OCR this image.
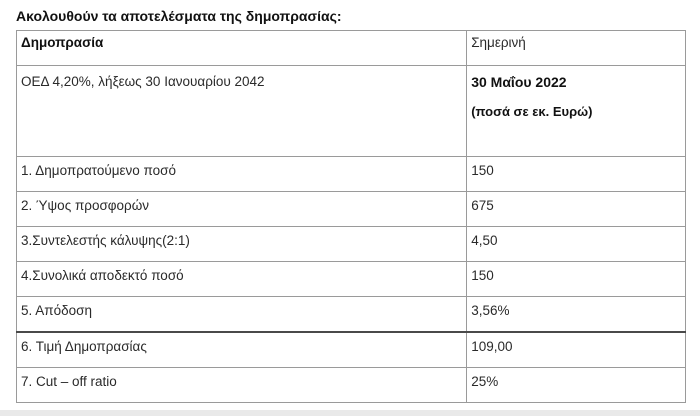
Ακολουθούν τα αποτελέσματα της δημοπρασίας:
Δημοπρασία	Σημερινή
ΟΕΔ 4,20%, λήξεως 30 Ιανουαρίου 2042	30 Μαΐου 2022
(ποσά σε εκ. Ευρώ)

1. Δημοπρατούμενο ποσό	150
2. Ύψος προσφορών	675
3.Συντελεστής κάλυψης(2:1)	4,50
4.Συνολικά αποδεκτό ποσό	150
5. Απόδοση	3,56%
6. Τιμή Δημοπρασίας	109,00
7. Cut – off ratio	25%
